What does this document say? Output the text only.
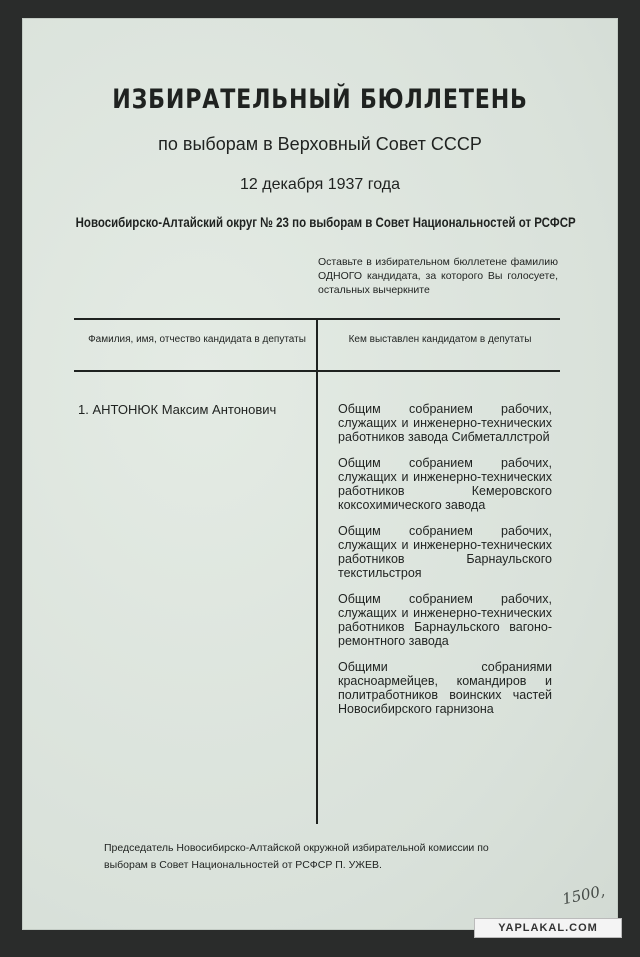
ИЗБИРАТЕЛЬНЫЙ БЮЛЛЕТЕНЬ
по выборам в Верховный Совет СССР
12 декабря 1937 года
Новосибирско-Алтайский округ № 23 по выборам в Совет Национальностей от РСФСР
Оставьте в избирательном бюллетене фамилию ОДНОГО кандидата, за которого Вы голосуете, остальных вычеркните
Фамилия, имя, отчество кандидата в депутаты	Кем выставлен кандидатом в депутаты
1. АНТОНЮК Максим Антонович	Общим собранием рабочих, служащих и инженерно-технических работников завода Сибметаллстрой
Общим собранием рабочих, служащих и инженерно-технических работников Кемеровского коксохимического завода
Общим собранием рабочих, служащих и инженерно-технических работников Барнаульского текстильстроя
Общим собранием рабочих, служащих и инженерно-технических работников Барнаульского вагоно-ремонтного завода
Общими собраниями красноармейцев, командиров и политработников воинских частей Новосибирского гарнизона
Председатель Новосибирско-Алтайской окружной избирательной комиссии по выборам в Совет Национальностей от РСФСР П. УЖЕВ.
1500,
YAPLAKAL.COM
